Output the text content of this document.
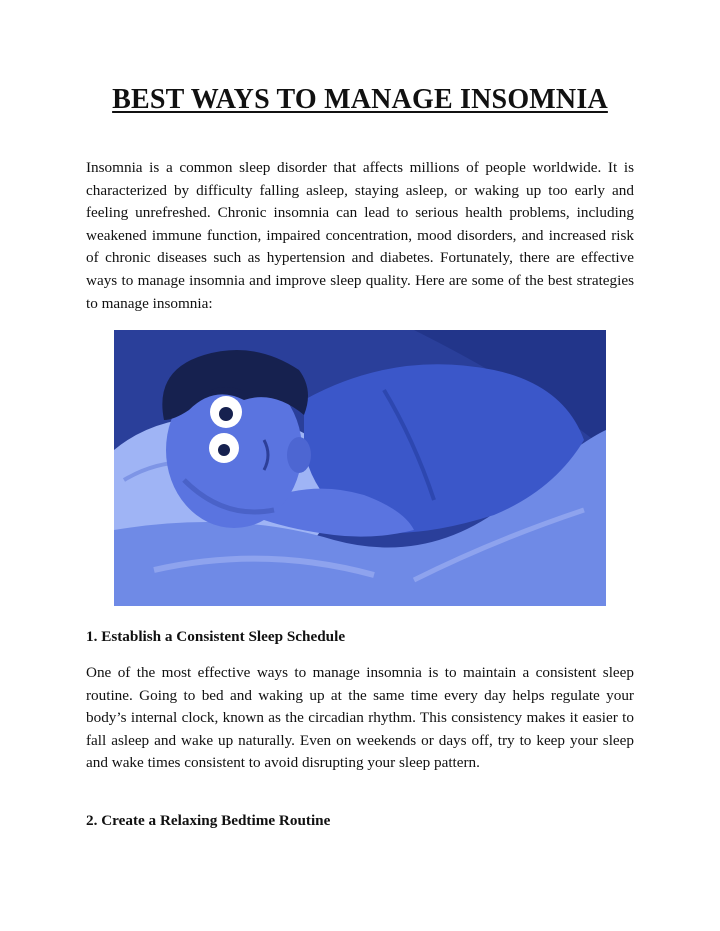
BEST WAYS TO MANAGE INSOMNIA

Insomnia is a common sleep disorder that affects millions of people worldwide. It is characterized by difficulty falling asleep, staying asleep, or waking up too early and feeling unrefreshed. Chronic insomnia can lead to serious health problems, including weakened immune function, impaired concentration, mood disorders, and increased risk of chronic diseases such as hypertension and diabetes. Fortunately, there are effective ways to manage insomnia and improve sleep quality. Here are some of the best strategies to manage insomnia:

1. Establish a Consistent Sleep Schedule

One of the most effective ways to manage insomnia is to maintain a consistent sleep routine. Going to bed and waking up at the same time every day helps regulate your body’s internal clock, known as the circadian rhythm. This consistency makes it easier to fall asleep and wake up naturally. Even on weekends or days off, try to keep your sleep and wake times consistent to avoid disrupting your sleep pattern.

2. Create a Relaxing Bedtime Routine
